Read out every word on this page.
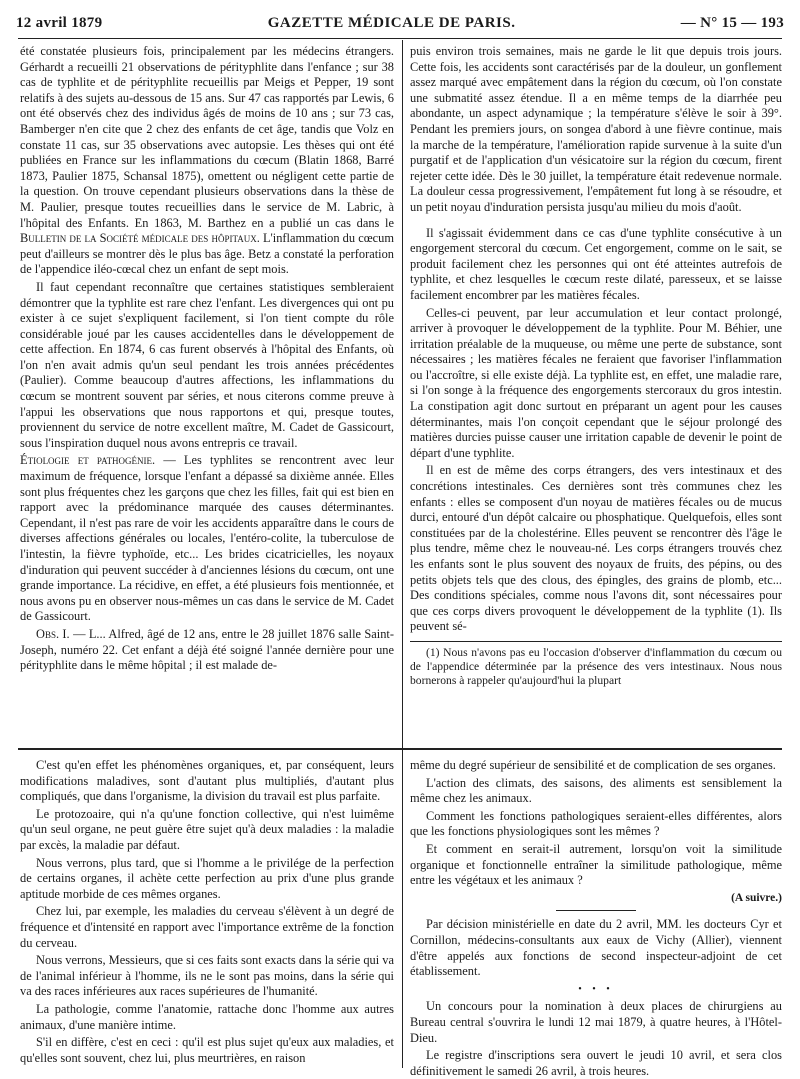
12 avril 1879	GAZETTE MÉDICALE DE PARIS.	— N° 15 — 193

été constatée plusieurs fois, principalement par les médecins étrangers. Gérhardt a recueilli 21 observations de pérityphlite dans l'enfance ; sur 38 cas de typhlite et de pérityphlite recueillis par Meigs et Pepper, 19 sont relatifs à des sujets au-dessous de 15 ans. Sur 47 cas rapportés par Lewis, 6 ont été observés chez des individus âgés de moins de 10 ans ; sur 73 cas, Bamberger n'en cite que 2 chez des enfants de cet âge, tandis que Volz en constate 11 cas, sur 35 observations avec autopsie. Les thèses qui ont été publiées en France sur les inflammations du cœcum (Blatin 1868, Barré 1873, Paulier 1875, Schansal 1875), omettent ou négligent cette partie de la question. On trouve cependant plusieurs observations dans la thèse de M. Paulier, presque toutes recueillies dans le service de M. Labric, à l'hôpital des Enfants. En 1863, M. Barthez en a publié un cas dans le Bulletin de la Société médicale des hôpitaux. L'inflammation du cœcum peut d'ailleurs se montrer dès le plus bas âge. Betz a constaté la perforation de l'appendice iléo-cœcal chez un enfant de sept mois.

Il faut cependant reconnaître que certaines statistiques sembleraient démontrer que la typhlite est rare chez l'enfant. Les divergences qui ont pu exister à ce sujet s'expliquent facilement, si l'on tient compte du rôle considérable joué par les causes accidentelles dans le développement de cette affection. En 1874, 6 cas furent observés à l'hôpital des Enfants, où l'on n'en avait admis qu'un seul pendant les trois années précédentes (Paulier). Comme beaucoup d'autres affections, les inflammations du cœcum se montrent souvent par séries, et nous citerons comme preuve à l'appui les observations que nous rapportons et qui, presque toutes, proviennent du service de notre excellent maître, M. Cadet de Gassicourt, sous l'inspiration duquel nous avons entrepris ce travail.

Étiologie et pathogénie. — Les typhlites se rencontrent avec leur maximum de fréquence, lorsque l'enfant a dépassé sa dixième année. Elles sont plus fréquentes chez les garçons que chez les filles, fait qui est bien en rapport avec la prédominance marquée des causes déterminantes. Cependant, il n'est pas rare de voir les accidents apparaître dans le cours de diverses affections générales ou locales, l'entéro-colite, la tuberculose de l'intestin, la fièvre typhoïde, etc... Les brides cicatricielles, les noyaux d'induration qui peuvent succéder à d'anciennes lésions du cœcum, ont une grande importance. La récidive, en effet, a été plusieurs fois mentionnée, et nous avons pu en observer nous-mêmes un cas dans le service de M. Cadet de Gassicourt.

Obs. I. — L... Alfred, âgé de 12 ans, entre le 28 juillet 1876 salle Saint-Joseph, numéro 22. Cet enfant a déjà été soigné l'année dernière pour une pérityphlite dans le même hôpital ; il est malade de-

puis environ trois semaines, mais ne garde le lit que depuis trois jours. Cette fois, les accidents sont caractérisés par de la douleur, un gonflement assez marqué avec empâtement dans la région du cœcum, où l'on constate une submatité assez étendue. Il a en même temps de la diarrhée peu abondante, un aspect adynamique ; la température s'élève le soir à 39°. Pendant les premiers jours, on songea d'abord à une fièvre continue, mais la marche de la température, l'amélioration rapide survenue à la suite d'un purgatif et de l'application d'un vésicatoire sur la région du cœcum, firent rejeter cette idée. Dès le 30 juillet, la température était redevenue normale. La douleur cessa progressivement, l'empâtement fut long à se résoudre, et un petit noyau d'induration persista jusqu'au milieu du mois d'août.

Il s'agissait évidemment dans ce cas d'une typhlite consécutive à un engorgement stercoral du cœcum. Cet engorgement, comme on le sait, se produit facilement chez les personnes qui ont été atteintes autrefois de typhlite, et chez lesquelles le cœcum reste dilaté, paresseux, et se laisse facilement encombrer par les matières fécales.

Celles-ci peuvent, par leur accumulation et leur contact prolongé, arriver à provoquer le développement de la typhlite. Pour M. Béhier, une irritation préalable de la muqueuse, ou même une perte de substance, sont nécessaires ; les matières fécales ne feraient que favoriser l'inflammation ou l'accroître, si elle existe déjà. La typhlite est, en effet, une maladie rare, si l'on songe à la fréquence des engorgements stercoraux du gros intestin. La constipation agit donc surtout en préparant un agent pour les causes déterminantes, mais l'on conçoit cependant que le séjour prolongé des matières durcies puisse causer une irritation capable de devenir le point de départ d'une typhlite.

Il en est de même des corps étrangers, des vers intestinaux et des concrétions intestinales. Ces dernières sont très communes chez les enfants : elles se composent d'un noyau de matières fécales ou de mucus durci, entouré d'un dépôt calcaire ou phosphatique. Quelquefois, elles sont constituées par de la cholestérine. Elles peuvent se rencontrer dès l'âge le plus tendre, même chez le nouveau-né. Les corps étrangers trouvés chez les enfants sont le plus souvent des noyaux de fruits, des pépins, ou des petits objets tels que des clous, des épingles, des grains de plomb, etc... Des conditions spéciales, comme nous l'avons dit, sont nécessaires pour que ces corps divers provoquent le développement de la typhlite (1). Ils peuvent sé-

(1) Nous n'avons pas eu l'occasion d'observer d'inflammation du cœcum ou de l'appendice déterminée par la présence des vers intestinaux. Nous nous bornerons à rappeler qu'aujourd'hui la plupart

C'est qu'en effet les phénomènes organiques, et, par conséquent, leurs modifications maladives, sont d'autant plus multipliés, d'autant plus compliqués, que dans l'organisme, la division du travail est plus parfaite.

Le protozoaire, qui n'a qu'une fonction collective, qui n'est luimême qu'un seul organe, ne peut guère être sujet qu'à deux maladies : la maladie par excès, la maladie par défaut.

Nous verrons, plus tard, que si l'homme a le privilége de la perfection de certains organes, il achète cette perfection au prix d'une plus grande aptitude morbide de ces mêmes organes.

Chez lui, par exemple, les maladies du cerveau s'élèvent à un degré de fréquence et d'intensité en rapport avec l'importance extrême de la fonction du cerveau.

Nous verrons, Messieurs, que si ces faits sont exacts dans la série qui va de l'animal inférieur à l'homme, ils ne le sont pas moins, dans la série qui va des races inférieures aux races supérieures de l'humanité.

La pathologie, comme l'anatomie, rattache donc l'homme aux autres animaux, d'une manière intime.

S'il en diffère, c'est en ceci : qu'il est plus sujet qu'eux aux maladies, et qu'elles sont souvent, chez lui, plus meurtrières, en raison

même du degré supérieur de sensibilité et de complication de ses organes.

L'action des climats, des saisons, des aliments est sensiblement la même chez les animaux.

Comment les fonctions pathologiques seraient-elles différentes, alors que les fonctions physiologiques sont les mêmes ?

Et comment en serait-il autrement, lorsqu'on voit la similitude organique et fonctionnelle entraîner la similitude pathologique, même entre les végétaux et les animaux ?

(A suivre.)

Par décision ministérielle en date du 2 avril, MM. les docteurs Cyr et Cornillon, médecins-consultants aux eaux de Vichy (Allier), viennent d'être appelés aux fonctions de second inspecteur-adjoint de cet établissement.

• • •

Un concours pour la nomination à deux places de chirurgiens au Bureau central s'ouvrira le lundi 12 mai 1879, à quatre heures, à l'Hôtel-Dieu.

Le registre d'inscriptions sera ouvert le jeudi 10 avril, et sera clos définitivement le samedi 26 avril, à trois heures.
